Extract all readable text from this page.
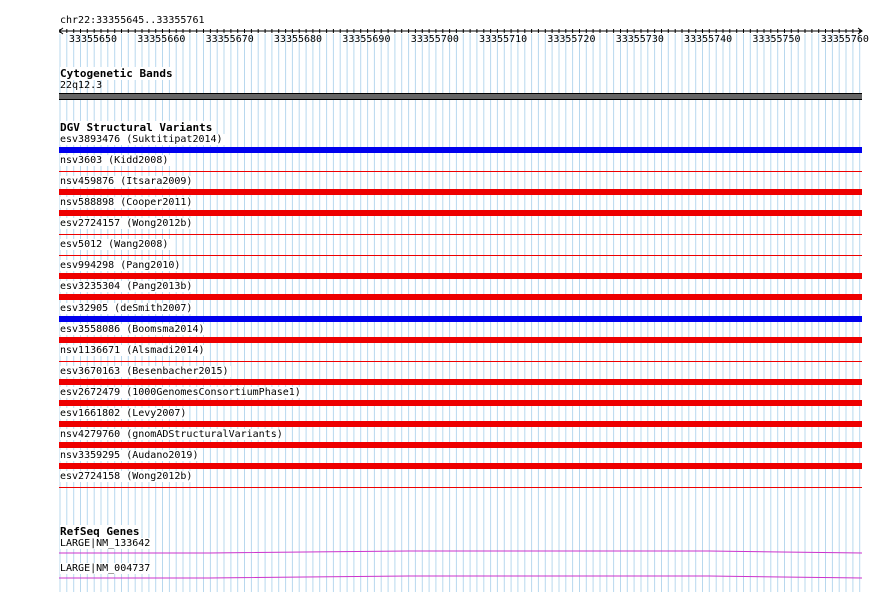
chr22:33355645..33355761
33355650 33355660 33355670 33355680 33355690 33355700 33355710 33355720 33355730 33355740 33355750 33355760
Cytogenetic Bands
22q12.3
DGV Structural Variants
esv3893476 (Suktitipat2014)
nsv3603 (Kidd2008)
nsv459876 (Itsara2009)
nsv588898 (Cooper2011)
esv2724157 (Wong2012b)
esv5012 (Wang2008)
esv994298 (Pang2010)
esv3235304 (Pang2013b)
esv32905 (deSmith2007)
esv3558086 (Boomsma2014)
nsv1136671 (Alsmadi2014)
esv3670163 (Besenbacher2015)
esv2672479 (1000GenomesConsortiumPhase1)
esv1661802 (Levy2007)
nsv4279760 (gnomADStructuralVariants)
nsv3359295 (Audano2019)
esv2724158 (Wong2012b)
RefSeq Genes
LARGE|NM_133642
LARGE|NM_004737
